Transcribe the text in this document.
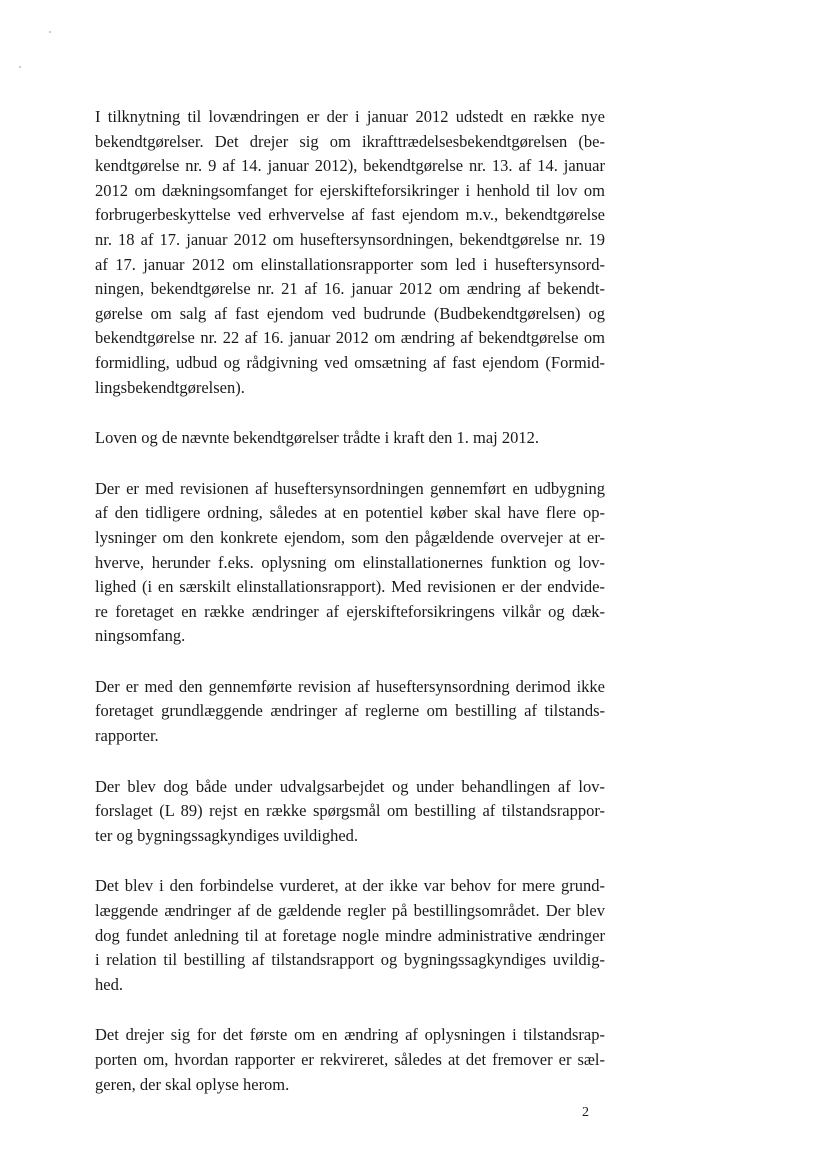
I tilknytning til lovændringen er der i januar 2012 udstedt en række nye
bekendtgørelser. Det drejer sig om ikrafttrædelsesbekendtgørelsen (be-
kendtgørelse nr. 9 af 14. januar 2012), bekendtgørelse nr. 13. af 14. januar
2012 om dækningsomfanget for ejerskifteforsikringer i henhold til lov om
forbrugerbeskyttelse ved erhvervelse af fast ejendom m.v., bekendtgørelse
nr. 18 af 17. januar 2012 om huseftersynsordningen, bekendtgørelse nr. 19
af 17. januar 2012 om elinstallationsrapporter som led i huseftersynsord-
ningen, bekendtgørelse nr. 21 af 16. januar 2012 om ændring af bekendt-
gørelse om salg af fast ejendom ved budrunde (Budbekendtgørelsen) og
bekendtgørelse nr. 22 af 16. januar 2012 om ændring af bekendtgørelse om
formidling, udbud og rådgivning ved omsætning af fast ejendom (Formid-
lingsbekendtgørelsen).

Loven og de nævnte bekendtgørelser trådte i kraft den 1. maj 2012.

Der er med revisionen af huseftersynsordningen gennemført en udbygning
af den tidligere ordning, således at en potentiel køber skal have flere op-
lysninger om den konkrete ejendom, som den pågældende overvejer at er-
hverve, herunder f.eks. oplysning om elinstallationernes funktion og lov-
lighed (i en særskilt elinstallationsrapport). Med revisionen er der endvide-
re foretaget en række ændringer af ejerskifteforsikringens vilkår og dæk-
ningsomfang.

Der er med den gennemførte revision af huseftersynsordning derimod ikke
foretaget grundlæggende ændringer af reglerne om bestilling af tilstands-
rapporter.

Der blev dog både under udvalgsarbejdet og under behandlingen af lov-
forslaget (L 89) rejst en række spørgsmål om bestilling af tilstandsrappor-
ter og bygningssagkyndiges uvildighed.

Det blev i den forbindelse vurderet, at der ikke var behov for mere grund-
læggende ændringer af de gældende regler på bestillingsområdet. Der blev
dog fundet anledning til at foretage nogle mindre administrative ændringer
i relation til bestilling af tilstandsrapport og bygningssagkyndiges uvildig-
hed.

Det drejer sig for det første om en ændring af oplysningen i tilstandsrap-
porten om, hvordan rapporter er rekvireret, således at det fremover er sæl-
geren, der skal oplyse herom.

2
